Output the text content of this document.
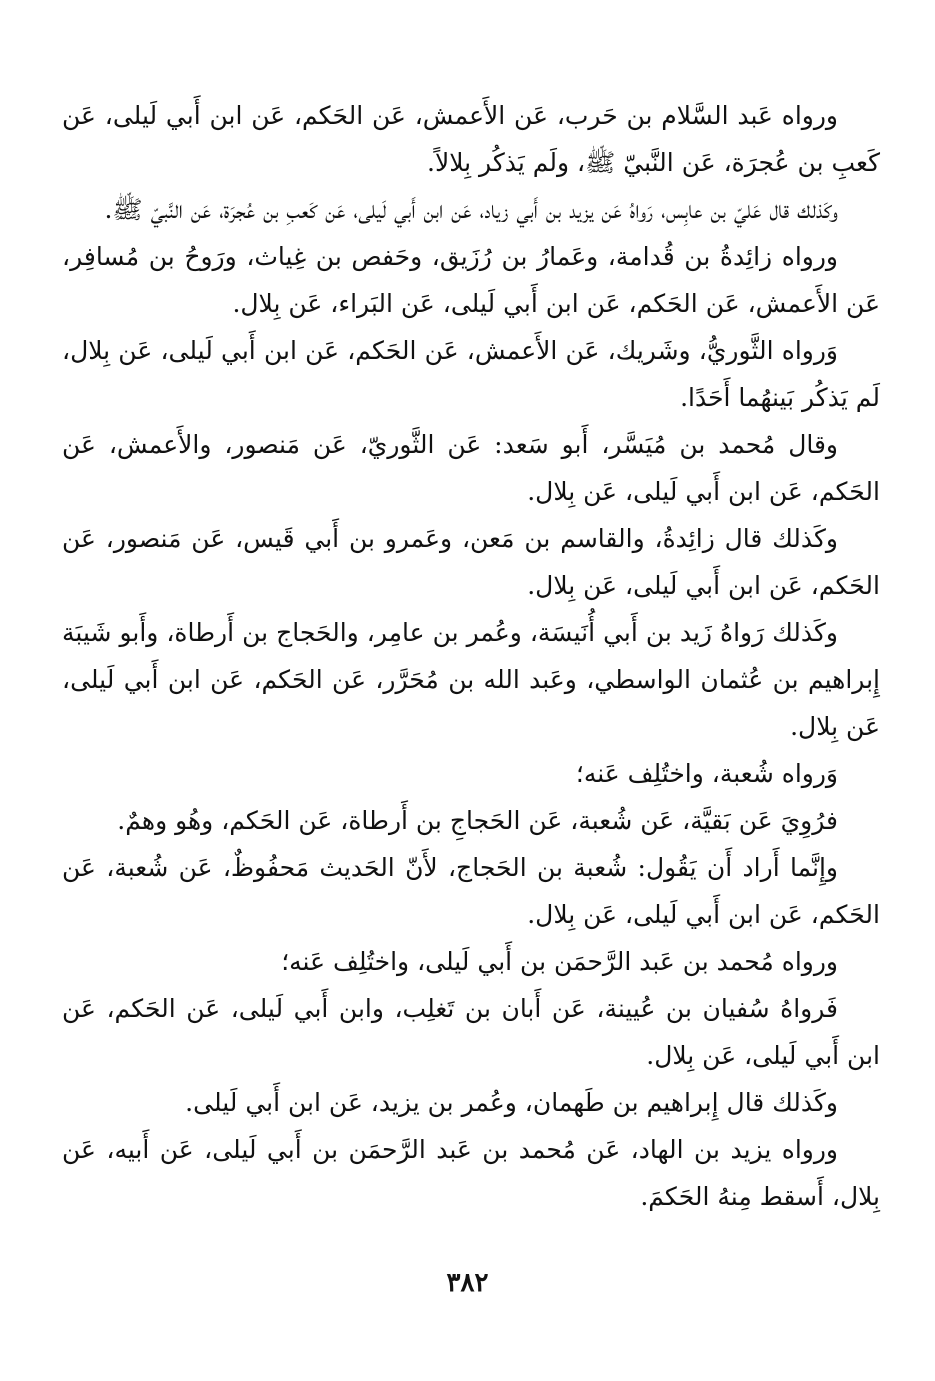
ورواه عَبد السَّلام بن حَرب، عَن الأَعمش، عَن الحَكم، عَن ابن أَبي لَيلى، عَن كَعبِ بن عُجرَة، عَن النَّبيّ ﷺ، ولَم يَذكُر بِلالاً.

وكَذلك قال عَليّ بن عابِس، رَواهُ عَن يزيد بن أَبي زياد، عَن ابن أَبي لَيلى، عَن كَعبِ بن عُجرَة، عَن النَّبيّ ﷺ.

ورواه زائِدةُ بن قُدامة، وعَمارُ بن رُزَيق، وحَفص بن غِياث، ورَوحُ بن مُسافِر، عَن الأَعمش، عَن الحَكم، عَن ابن أَبي لَيلى، عَن البَراء، عَن بِلال.

وَرواه الثَّوريُّ، وشَريك، عَن الأَعمش، عَن الحَكم، عَن ابن أَبي لَيلى، عَن بِلال، لَم يَذكُر بَينهُما أَحَدًا.

وقال مُحمد بن مُيَسَّر، أَبو سَعد: عَن الثَّوريّ، عَن مَنصور، والأَعمش، عَن الحَكم، عَن ابن أَبي لَيلى، عَن بِلال.

وكَذلك قال زائِدةُ، والقاسم بن مَعن، وعَمرو بن أَبي قَيس، عَن مَنصور، عَن الحَكم، عَن ابن أَبي لَيلى، عَن بِلال.

وكَذلك رَواهُ زَيد بن أَبي أُنَيسَة، وعُمر بن عامِر، والحَجاج بن أَرطاة، وأَبو شَيبَة إِبراهيم بن عُثمان الواسطي، وعَبد الله بن مُحَرَّر، عَن الحَكم، عَن ابن أَبي لَيلى، عَن بِلال.

وَرواه شُعبة، واختُلِف عَنه؛

فرُوِيَ عَن بَقيَّة، عَن شُعبة، عَن الحَجاجِ بن أَرطاة، عَن الحَكم، وهُو وهمٌ.

وإِنَّما أَراد أَن يَقُول: شُعبة بن الحَجاج، لأَنّ الحَديث مَحفُوظٌ، عَن شُعبة، عَن الحَكم، عَن ابن أَبي لَيلى، عَن بِلال.

ورواه مُحمد بن عَبد الرَّحمَن بن أَبي لَيلى، واختُلِف عَنه؛

فَرواهُ سُفيان بن عُيينة، عَن أَبان بن تَغلِب، وابن أَبي لَيلى، عَن الحَكم، عَن ابن أَبي لَيلى، عَن بِلال.

وكَذلك قال إِبراهيم بن طَهمان، وعُمر بن يزيد، عَن ابن أَبي لَيلى.

ورواه يزيد بن الهاد، عَن مُحمد بن عَبد الرَّحمَن بن أَبي لَيلى، عَن أَبيه، عَن بِلال، أَسقط مِنهُ الحَكمَ.

٣٨٢
